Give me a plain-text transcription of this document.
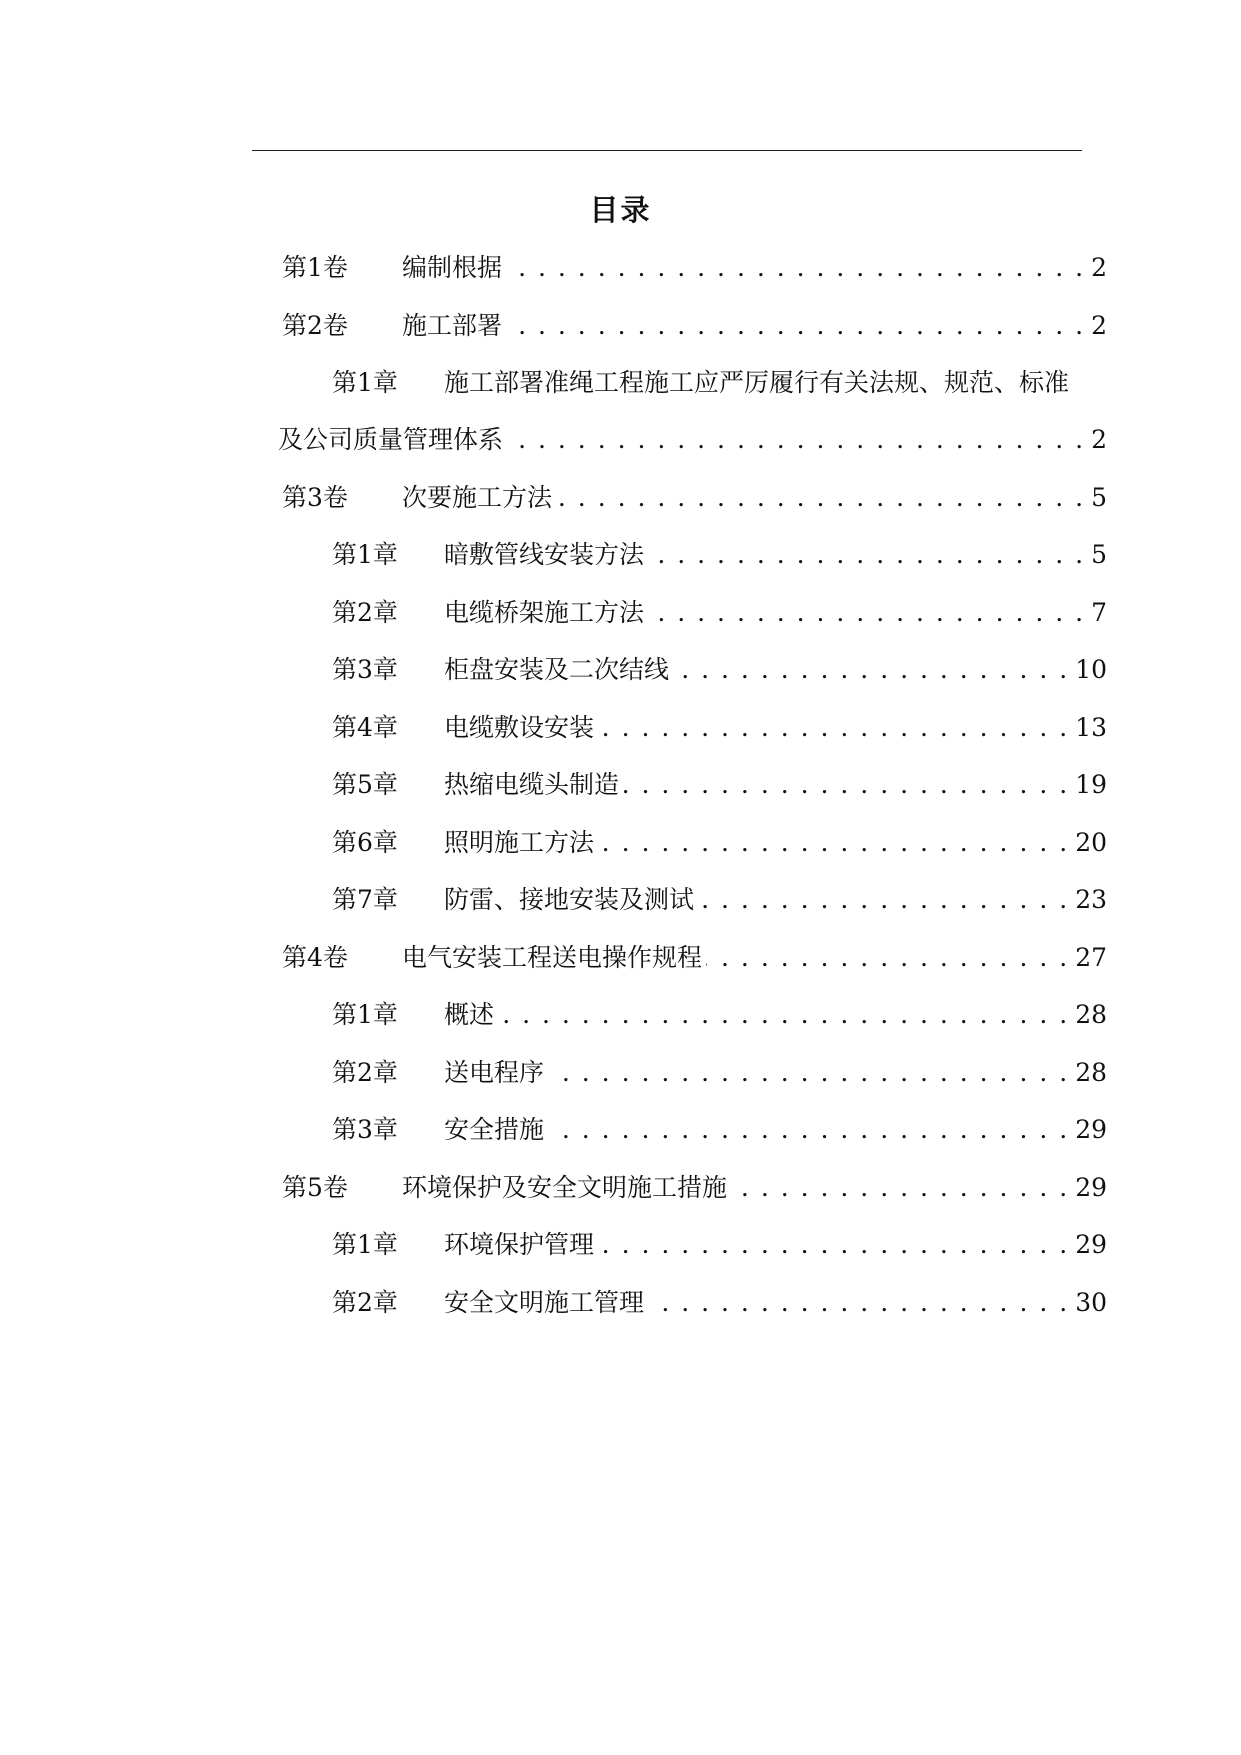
目录
第1卷	编制根据 . . .	2
第2卷	施工部署 . . .	2
第1章	施工部署准绳工程施工应严厉履行有关法规、规范、标准
及公司质量管理体系 . . .	2
第3卷	次要施工方法 . . .	5
第1章	暗敷管线安装方法 . . .	5
第2章	电缆桥架施工方法 . . .	7
第3章	柜盘安装及二次结线 . . .	10
第4章	电缆敷设安装 . . .	13
第5章	热缩电缆头制造 . . .	19
第6章	照明施工方法 . . .	20
第7章	防雷、接地安装及测试 . . .	23
第4卷	电气安装工程送电操作规程 . . .	27
第1章	概述 . . .	28
第2章	送电程序 . . .	28
第3章	安全措施 . . .	29
第5卷	环境保护及安全文明施工措施 . . .	29
第1章	环境保护管理 . . .	29
第2章	安全文明施工管理 . . .	30
